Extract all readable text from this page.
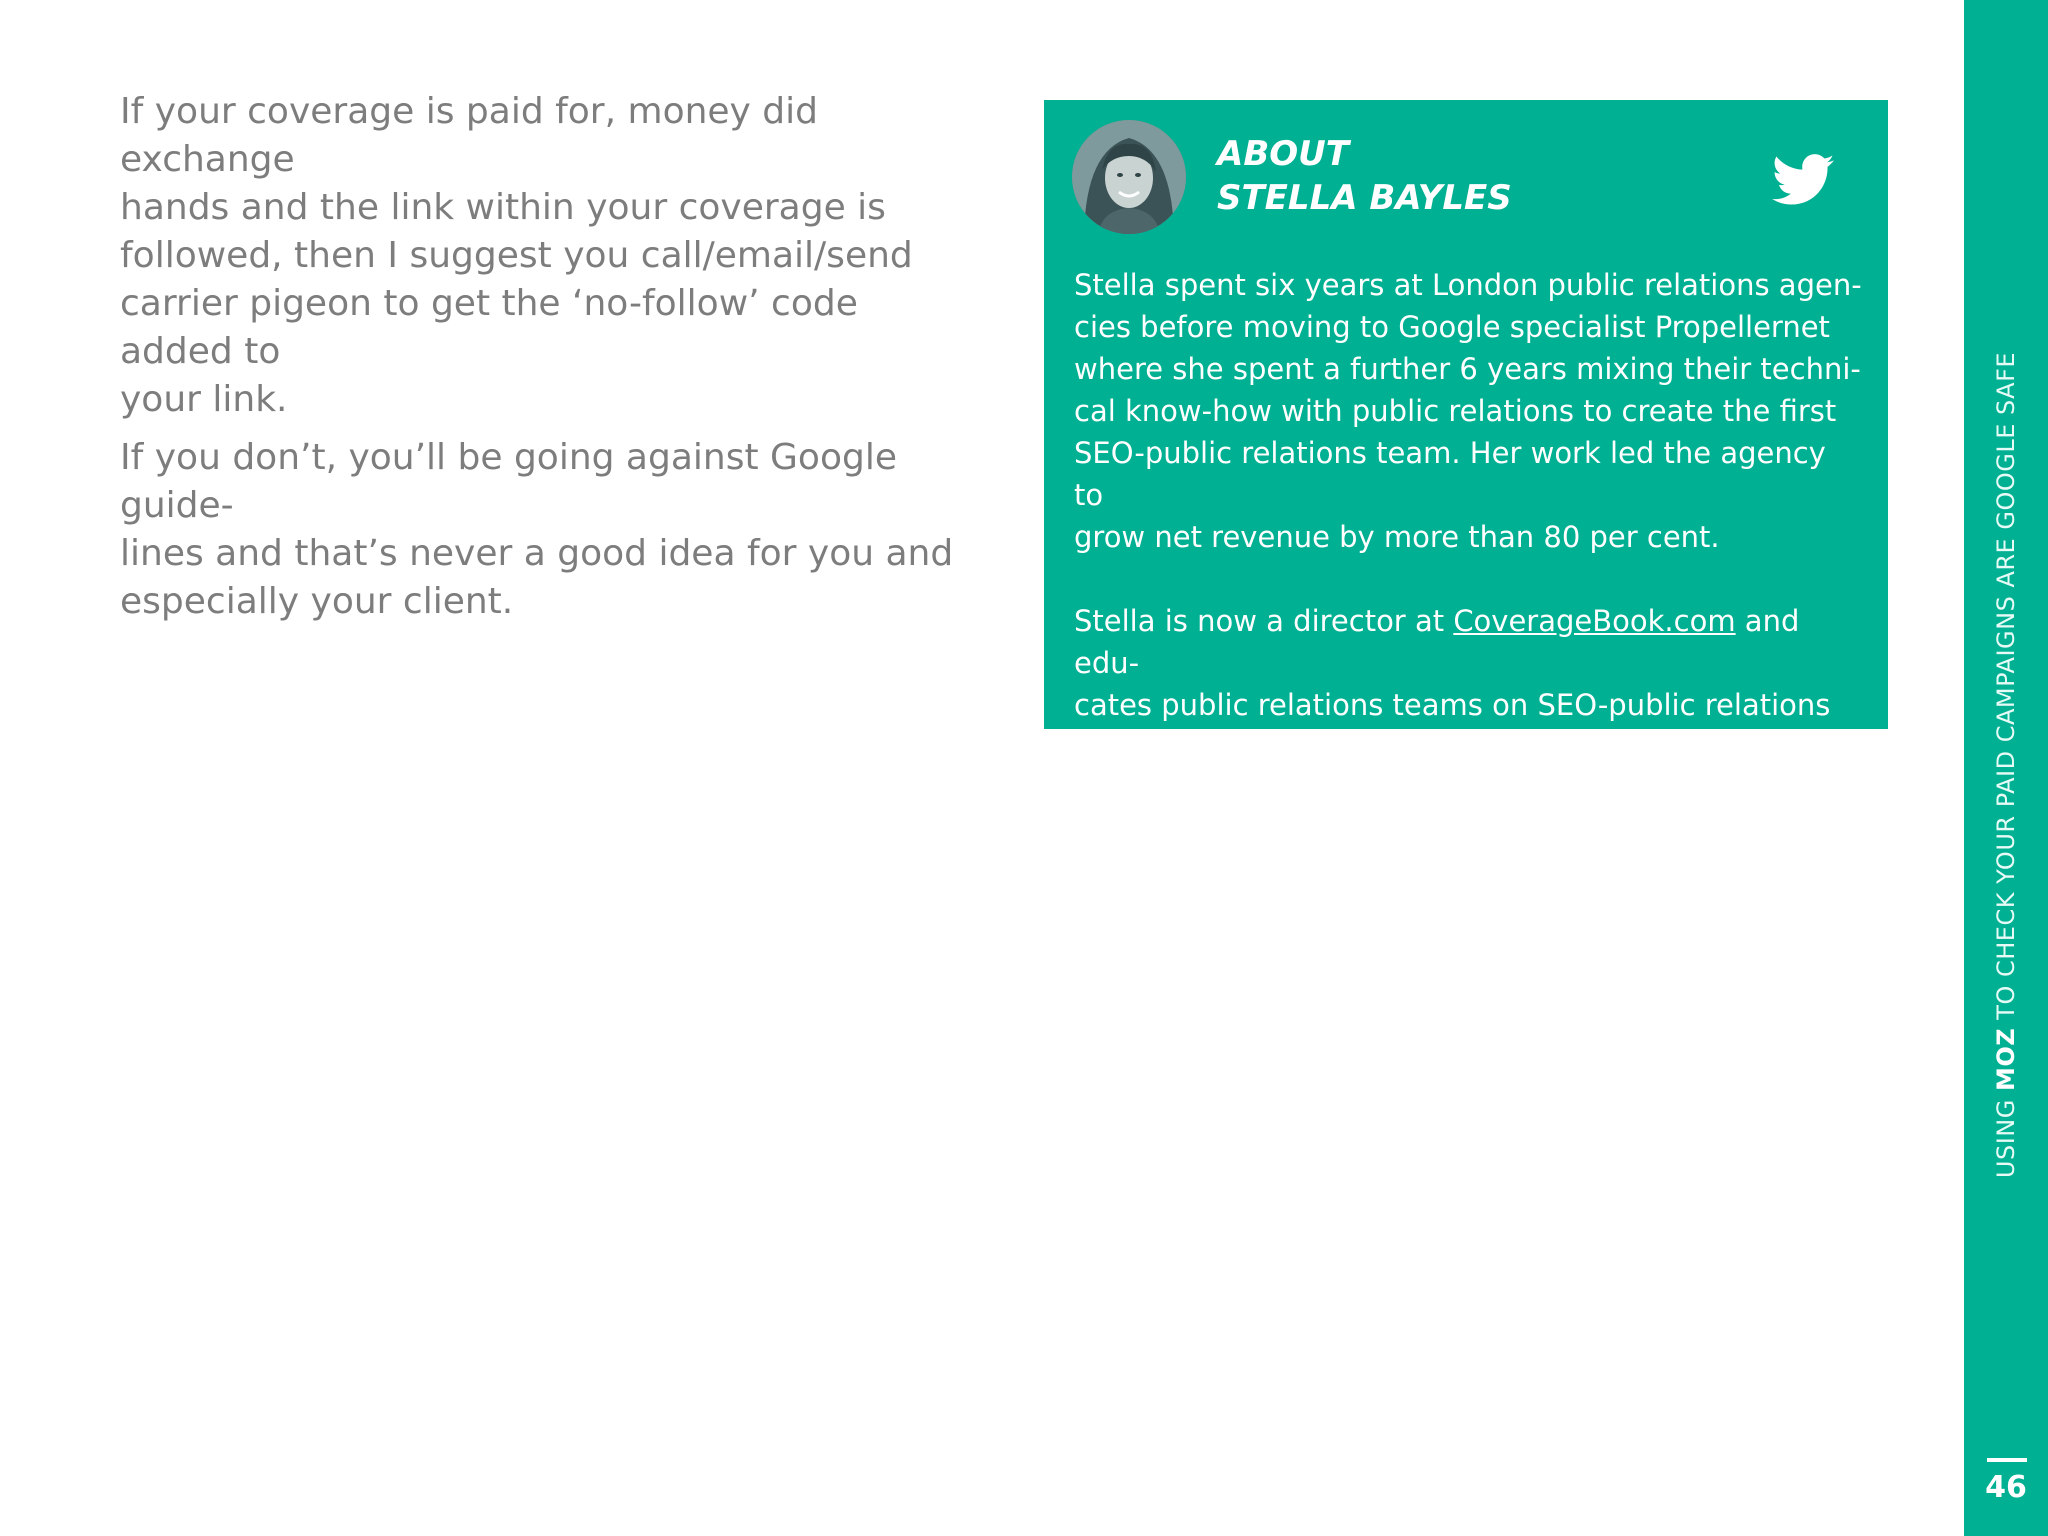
If your coverage is paid for, money did exchange
hands and the link within your coverage is
followed, then I suggest you call/email/send
carrier pigeon to get the ‘no-follow’ code added to
your link.

If you don’t, you’ll be going against Google guide-
lines and that’s never a good idea for you and
especially your client.

ABOUT
STELLA BAYLES

Stella spent six years at London public relations agen-
cies before moving to Google specialist Propellernet
where she spent a further 6 years mixing their techni-
cal know-how with public relations to create the first
SEO-public relations team. Her work led the agency to
grow net revenue by more than 80 per cent.

Stella is now a director at CoverageBook.com and edu-
cates public relations teams on SEO-public relations
through writing and training.

USING MOZ TO CHECK YOUR PAID CAMPAIGNS ARE GOOGLE SAFE
46
